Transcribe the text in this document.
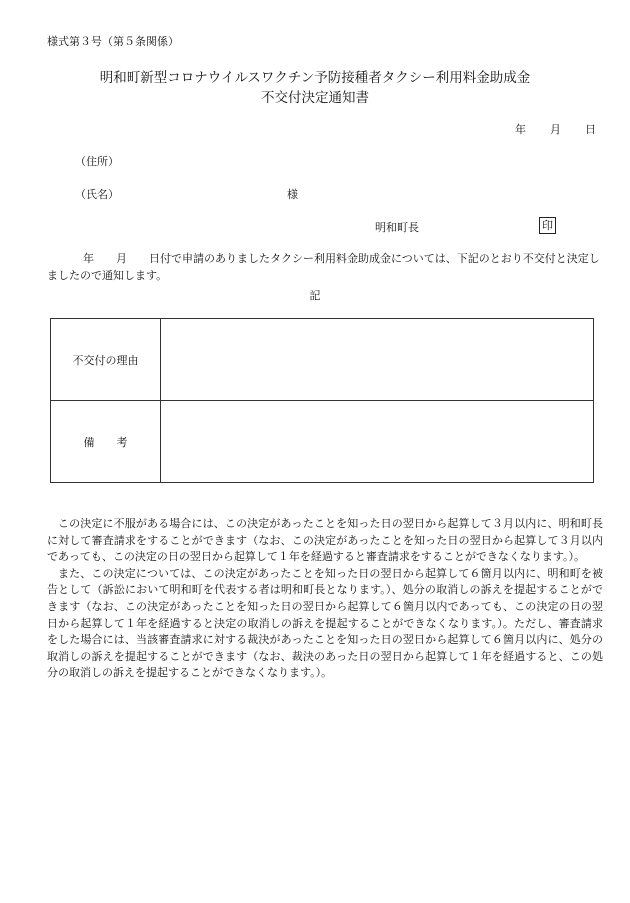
様式第３号（第５条関係）
明和町新型コロナウイルスワクチン予防接種者タクシー利用料金助成金
不交付決定通知書
年 月 日
（住所）
（氏名）	様
明和町長	印
年 月 日付で申請のありましたタクシー利用料金助成金については、下記のとおり不交付と決定しましたので通知します。
記
不交付の理由	
備　　考	

この決定に不服がある場合には、この決定があったことを知った日の翌日から起算して３月以内に、明和町長に対して審査請求をすることができます（なお、この決定があったことを知った日の翌日から起算して３月以内であっても、この決定の日の翌日から起算して１年を経過すると審査請求をすることができなくなります。）。

また、この決定については、この決定があったことを知った日の翌日から起算して６箇月以内に、明和町を被告として（訴訟において明和町を代表する者は明和町長となります。）、処分の取消しの訴えを提起することができます（なお、この決定があったことを知った日の翌日から起算して６箇月以内であっても、この決定の日の翌日から起算して１年を経過すると決定の取消しの訴えを提起することができなくなります。）。ただし、審査請求をした場合には、当該審査請求に対する裁決があったことを知った日の翌日から起算して６箇月以内に、処分の取消しの訴えを提起することができます（なお、裁決のあった日の翌日から起算して１年を経過すると、この処分の取消しの訴えを提起することができなくなります。）。
